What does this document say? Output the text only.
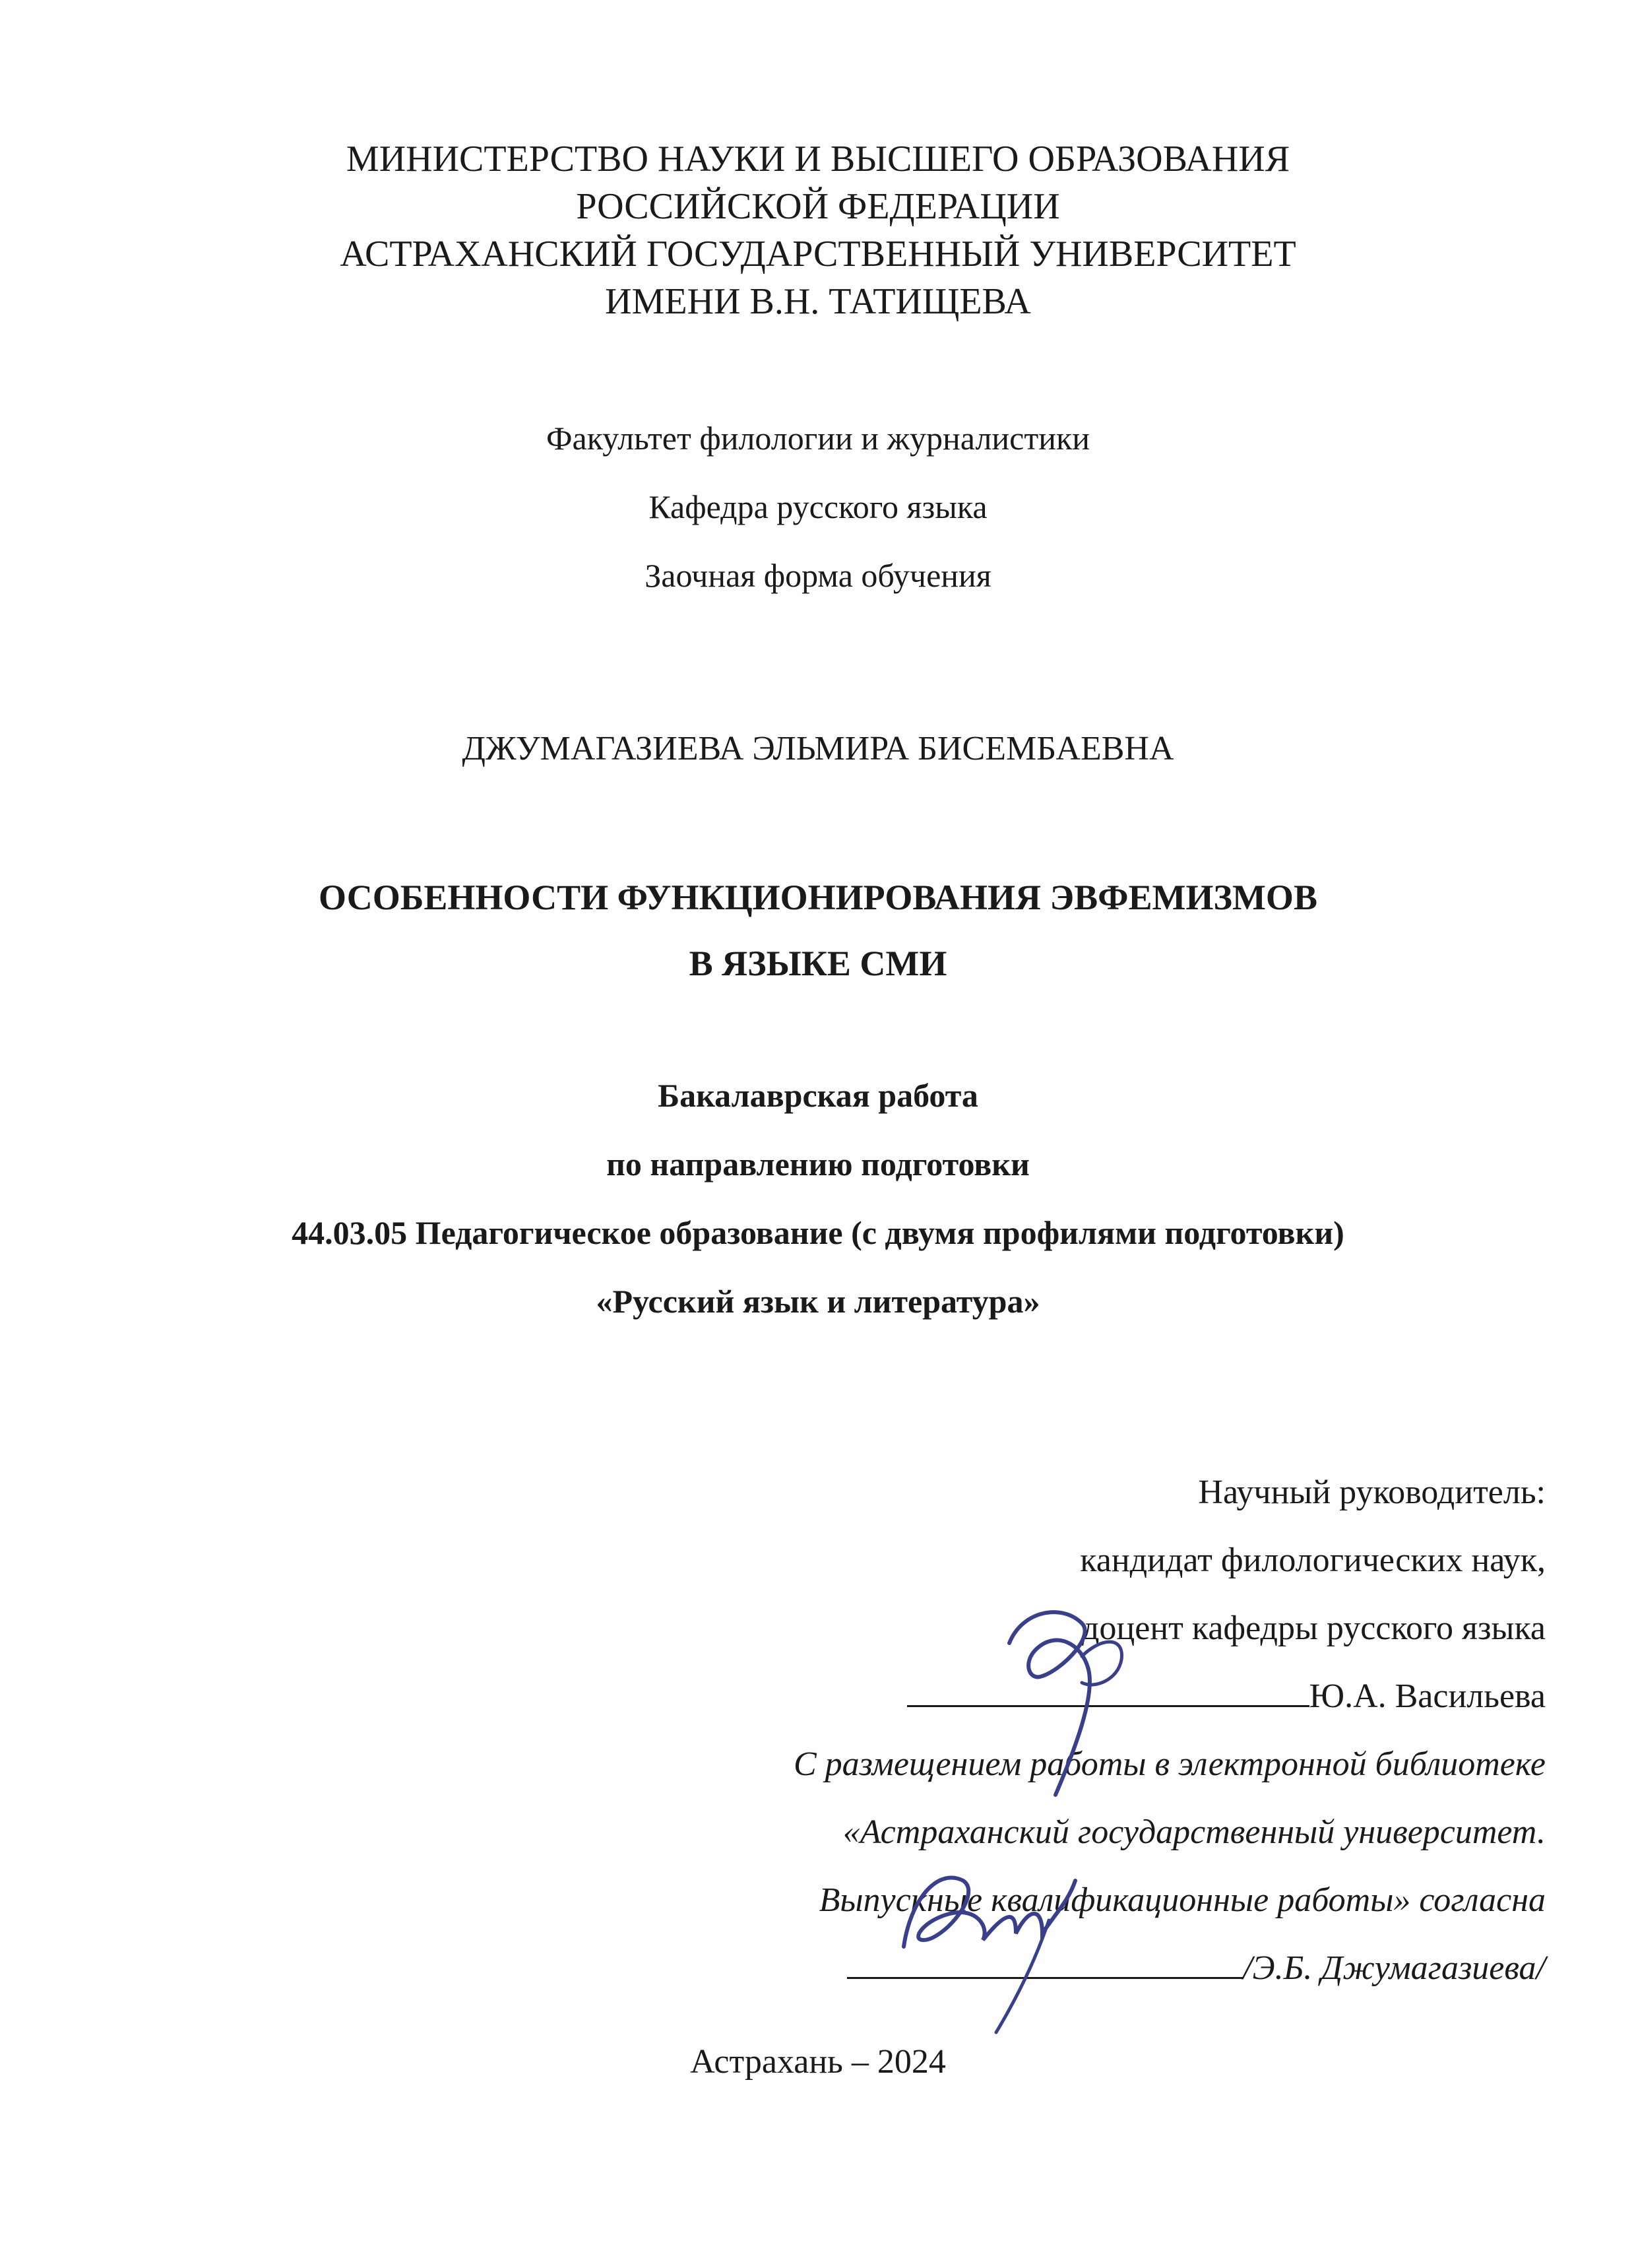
МИНИСТЕРСТВО НАУКИ И ВЫСШЕГО ОБРАЗОВАНИЯ
РОССИЙСКОЙ ФЕДЕРАЦИИ
АСТРАХАНСКИЙ ГОСУДАРСТВЕННЫЙ УНИВЕРСИТЕТ
ИМЕНИ В.Н. ТАТИЩЕВА
Факультет филологии и журналистики
Кафедра русского языка
Заочная форма обучения
ДЖУМАГАЗИЕВА ЭЛЬМИРА БИСЕМБАЕВНА
ОСОБЕННОСТИ ФУНКЦИОНИРОВАНИЯ ЭВФЕМИЗМОВ
В ЯЗЫКЕ СМИ
Бакалаврская работа
по направлению подготовки
44.03.05 Педагогическое образование (с двумя профилями подготовки)
«Русский язык и литература»
Научный руководитель:
кандидат филологических наук,
доцент кафедры русского языка
Ю.А. Васильева
С размещением работы в электронной библиотеке
«Астраханский государственный университет.
Выпускные квалификационные работы» согласна
/Э.Б. Джумагазиева/
Астрахань – 2024
